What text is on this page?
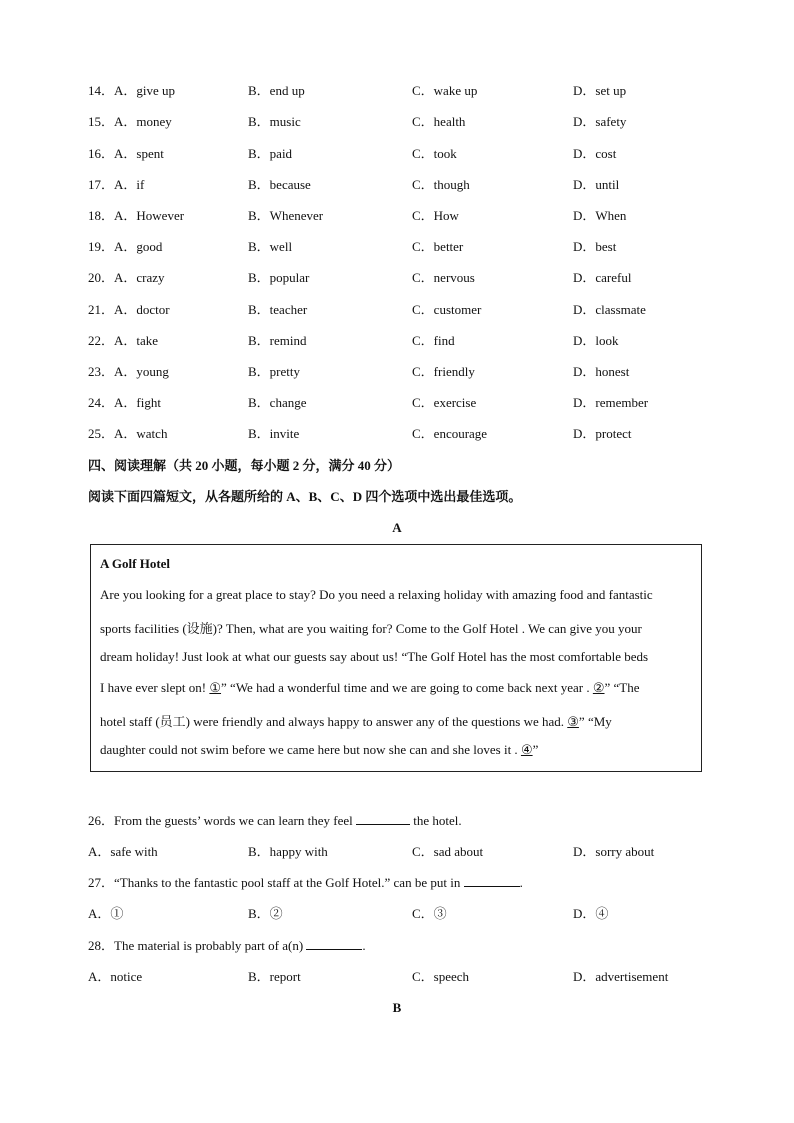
14．A．give up	B．end up	C．wake up	D．set up
15．A．money	B．music	C．health	D．safety
16．A．spent	B．paid	C．took	D．cost
17．A．if	B．because	C．though	D．until
18．A．However	B．Whenever	C．How	D．When
19．A．good	B．well	C．better	D．best
20．A．crazy	B．popular	C．nervous	D．careful
21．A．doctor	B．teacher	C．customer	D．classmate
22．A．take	B．remind	C．find	D．look
23．A．young	B．pretty	C．friendly	D．honest
24．A．fight	B．change	C．exercise	D．remember
25．A．watch	B．invite	C．encourage	D．protect
四、阅读理解（共 20 小题，每小题 2 分，满分 40 分）
阅读下面四篇短文，从各题所给的 A、B、C、D 四个选项中选出最佳选项。
A
A Golf Hotel
Are you looking for a great place to stay? Do you need a relaxing holiday with amazing food and fantastic
sports facilities (设施)? Then, what are you waiting for? Come to the Golf Hotel . We can give you your
dream holiday! Just look at what our guests say about us! “The Golf Hotel has the most comfortable beds
I have ever slept on! ①” “We had a wonderful time and we are going to come back next year . ②” “The
hotel staff (员工) were friendly and always happy to answer any of the questions we had. ③” “My
daughter could not swim before we came here but now she can and she loves it . ④”
26．From the guests’ words we can learn they feel	the hotel.
A．safe with	B．happy with	C．sad about	D．sorry about
27．“Thanks to the fantastic pool staff at the Golf Hotel.” can be put in	.
A．①	B．②	C．③	D．④
28．The material is probably part of a(n)	.
A．notice	B．report	C．speech	D．advertisement
B
